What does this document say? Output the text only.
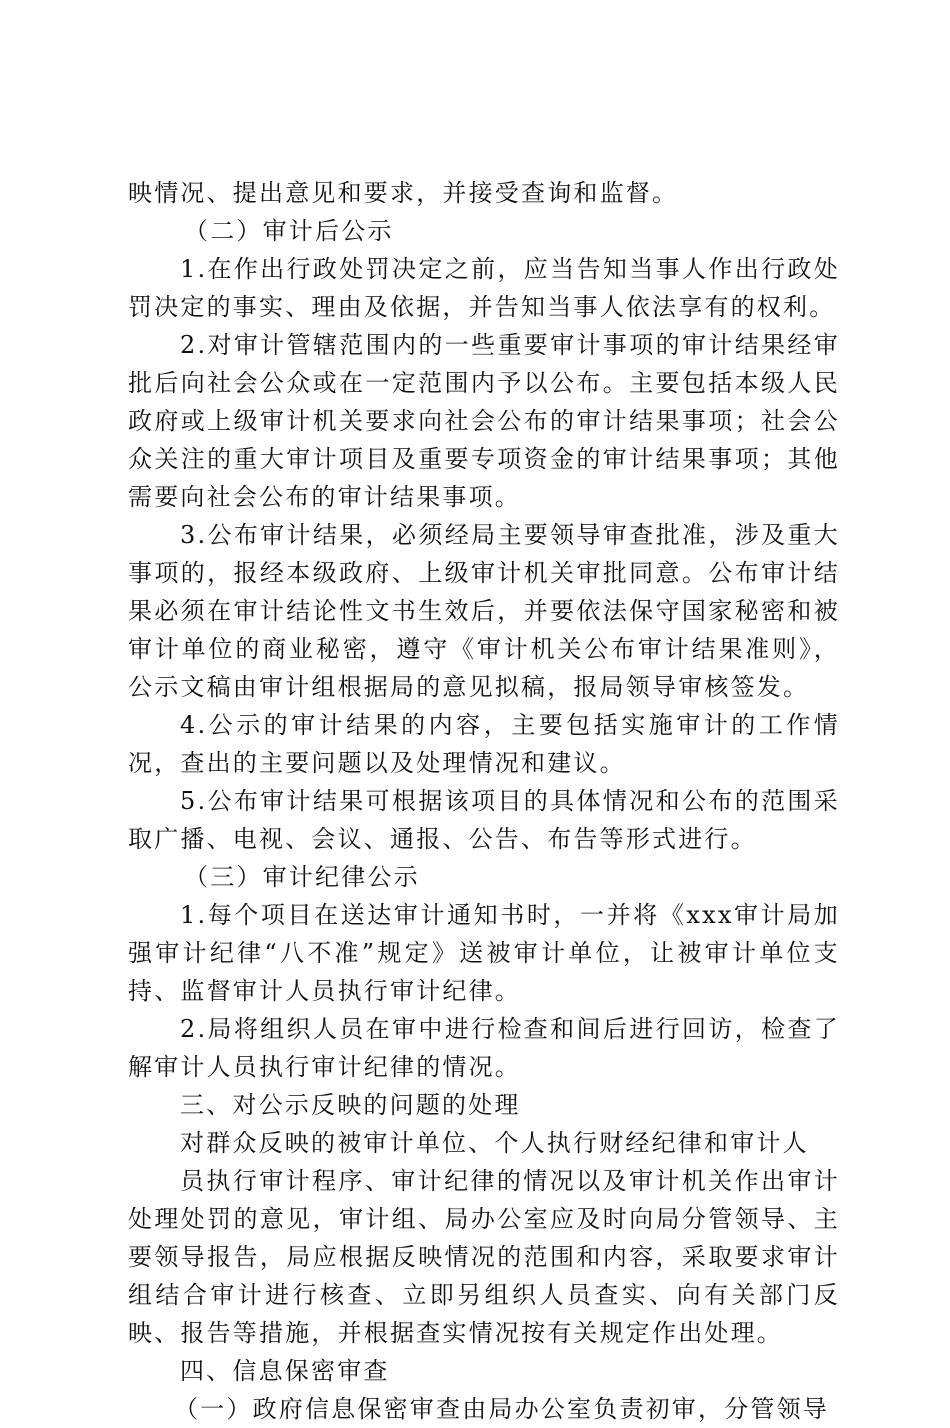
映情况、提出意见和要求，并接受查询和监督。

（二）审计后公示

1.在作出行政处罚决定之前，应当告知当事人作出行政处罚决定的事实、理由及依据，并告知当事人依法享有的权利。

2.对审计管辖范围内的一些重要审计事项的审计结果经审批后向社会公众或在一定范围内予以公布。主要包括本级人民政府或上级审计机关要求向社会公布的审计结果事项；社会公众关注的重大审计项目及重要专项资金的审计结果事项；其他需要向社会公布的审计结果事项。

3.公布审计结果，必须经局主要领导审查批准，涉及重大事项的，报经本级政府、上级审计机关审批同意。公布审计结果必须在审计结论性文书生效后，并要依法保守国家秘密和被审计单位的商业秘密，遵守《审计机关公布审计结果准则》，公示文稿由审计组根据局的意见拟稿，报局领导审核签发。

4.公示的审计结果的内容，主要包括实施审计的工作情况，查出的主要问题以及处理情况和建议。

5.公布审计结果可根据该项目的具体情况和公布的范围采取广播、电视、会议、通报、公告、布告等形式进行。

（三）审计纪律公示

1.每个项目在送达审计通知书时，一并将《xxx审计局加强审计纪律“八不准”规定》送被审计单位，让被审计单位支持、监督审计人员执行审计纪律。

2.局将组织人员在审中进行检查和间后进行回访，检查了解审计人员执行审计纪律的情况。

三、对公示反映的问题的处理

对群众反映的被审计单位、个人执行财经纪律和审计人

员执行审计程序、审计纪律的情况以及审计机关作出审计处理处罚的意见，审计组、局办公室应及时向局分管领导、主要领导报告，局应根据反映情况的范围和内容，采取要求审计组结合审计进行核查、立即另组织人员查实、向有关部门反映、报告等措施，并根据查实情况按有关规定作出处理。

四、信息保密审查

（一）政府信息保密审查由局办公室负责初审，分管领导
